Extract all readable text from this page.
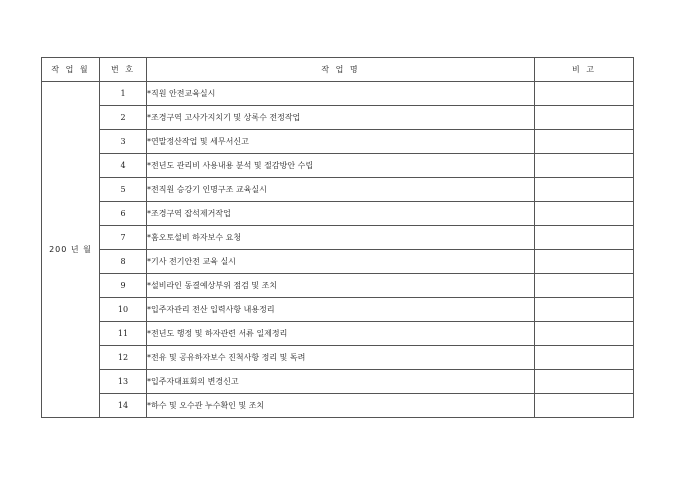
작 업 월	번 호	작 업 명	비 고
200 년 월	1	*직원 안전교육실시	
	2	*조경구역 고사가지치기 및 상록수 전정작업	
	3	*연말정산작업 및 세무서신고	
	4	*전년도 관리비 사용내용 분석 및 절감방안 수립	
	5	*전직원 승강기 인명구조 교육실시	
	6	*조경구역 잡석제거작업	
	7	*홈오토설비 하자보수 요청	
	8	*기사 전기안전 교육 실시	
	9	*설비라인 동결예상부위 점검 및 조치	
	10	*입주자관리 전산 입력사항 내용정리	
	11	*전년도 행정 및 하자관련 서류 일제정리	
	12	*전유 및 공유하자보수 진척사항 정리 및 독려	
	13	*입주자대표회의 변경신고	
	14	*하수 및 오수관 누수확인 및 조치	
